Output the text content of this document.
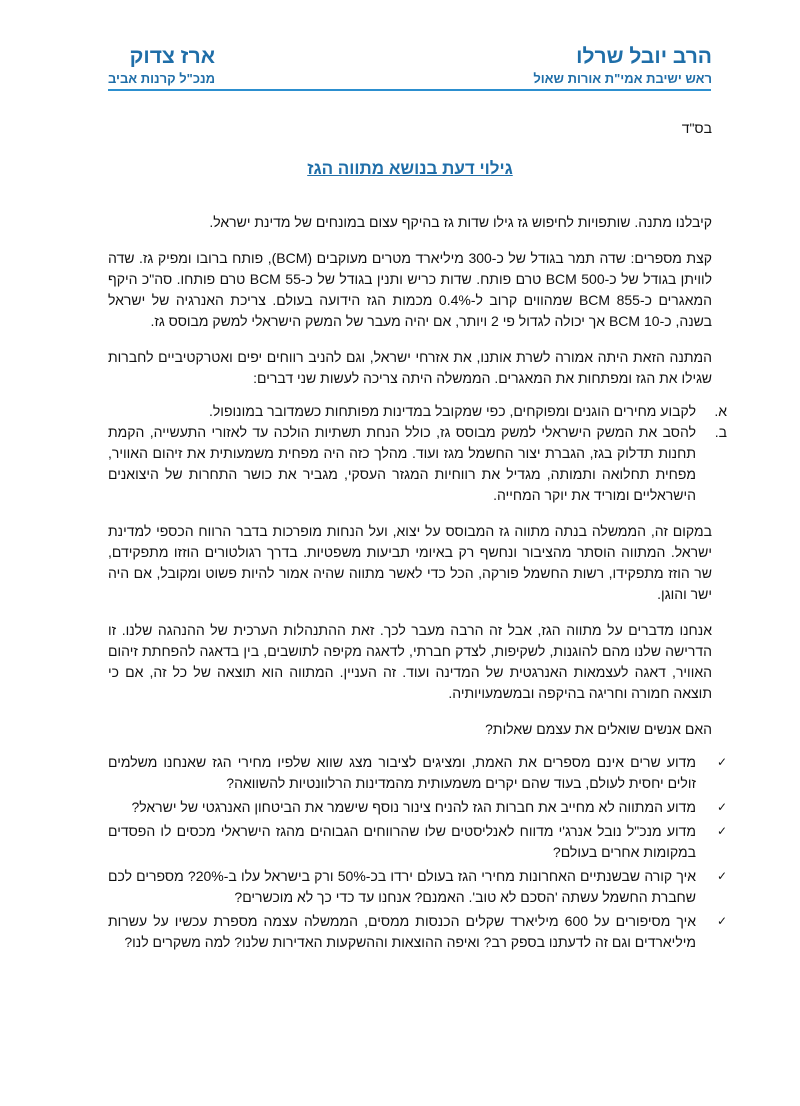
הרב יובל שרלו
ראש ישיבת אמי"ת אורות שאול
ארז צדוק
מנכ"ל קרנות אביב

בס"ד

גילוי דעת בנושא מתווה הגז

קיבלנו מתנה. שותפויות לחיפוש גז גילו שדות גז בהיקף עצום במונחים של מדינת ישראל.

קצת מספרים: שדה תמר בגודל של כ-300 מיליארד מטרים מעוקבים (BCM), פותח ברובו ומפיק גז. שדה לוויתן בגודל של כ-500 BCM טרם פותח. שדות כריש ותנין בגודל של כ-55 BCM טרם פותחו. סה"כ היקף המאגרים כ-855 BCM שמהווים קרוב ל-0.4% מכמות הגז הידועה בעולם. צריכת האנרגיה של ישראל בשנה, כ-10 BCM אך יכולה לגדול פי 2 ויותר, אם יהיה מעבר של המשק הישראלי למשק מבוסס גז.

המתנה הזאת היתה אמורה לשרת אותנו, את אזרחי ישראל, וגם להניב רווחים יפים ואטרקטיביים לחברות שגילו את הגז ומפתחות את המאגרים. הממשלה היתה צריכה לעשות שני דברים:

א.
לקבוע מחירים הוגנים ומפוקחים, כפי שמקובל במדינות מפותחות כשמדובר במונופול.
ב.
להסב את המשק הישראלי למשק מבוסס גז, כולל הנחת תשתיות הולכה עד לאזורי התעשייה, הקמת תחנות תדלוק בגז, הגברת יצור החשמל מגז ועוד. מהלך כזה היה מפחית משמעותית את זיהום האוויר, מפחית תחלואה ותמותה, מגדיל את רווחיות המגזר העסקי, מגביר את כושר התחרות של היצואנים הישראליים ומוריד את יוקר המחייה.

במקום זה, הממשלה בנתה מתווה גז המבוסס על יצוא, ועל הנחות מופרכות בדבר הרווח הכספי למדינת ישראל. המתווה הוסתר מהציבור ונחשף רק באיומי תביעות משפטיות. בדרך רגולטורים הוזזו מתפקידם, שר הוזז מתפקידו, רשות החשמל פורקה, הכל כדי לאשר מתווה שהיה אמור להיות פשוט ומקובל, אם היה ישר והוגן.

אנחנו מדברים על מתווה הגז, אבל זה הרבה מעבר לכך. זאת ההתנהלות הערכית של ההנהגה שלנו. זו הדרישה שלנו מהם להוגנות, לשקיפות, לצדק חברתי, לדאגה מקיפה לתושבים, בין בדאגה להפחתת זיהום האוויר, דאגה לעצמאות האנרגטית של המדינה ועוד. זה העניין. המתווה הוא תוצאה של כל זה, אם כי תוצאה חמורה וחריגה בהיקפה ובמשמעויותיה.

האם אנשים שואלים את עצמם שאלות?

✓
מדוע שרים אינם מספרים את האמת, ומציגים לציבור מצג שווא שלפיו מחירי הגז שאנחנו משלמים זולים יחסית לעולם, בעוד שהם יקרים משמעותית מהמדינות הרלוונטיות להשוואה?
✓
מדוע המתווה לא מחייב את חברות הגז להניח צינור נוסף שישמר את הביטחון האנרגטי של ישראל?
✓
מדוע מנכ"ל נובל אנרג'י מדווח לאנליסטים שלו שהרווחים הגבוהים מהגז הישראלי מכסים לו הפסדים במקומות אחרים בעולם?
✓
איך קורה שבשנתיים האחרונות מחירי הגז בעולם ירדו בכ-50% ורק בישראל עלו ב-20%? מספרים לכם שחברת החשמל עשתה 'הסכם לא טוב'. האמנם? אנחנו עד כדי כך לא מוכשרים?
✓
איך מסיפורים על 600 מיליארד שקלים הכנסות ממסים, הממשלה עצמה מספרת עכשיו על עשרות מיליארדים וגם זה לדעתנו בספק רב? ואיפה ההוצאות וההשקעות האדירות שלנו? למה משקרים לנו?
